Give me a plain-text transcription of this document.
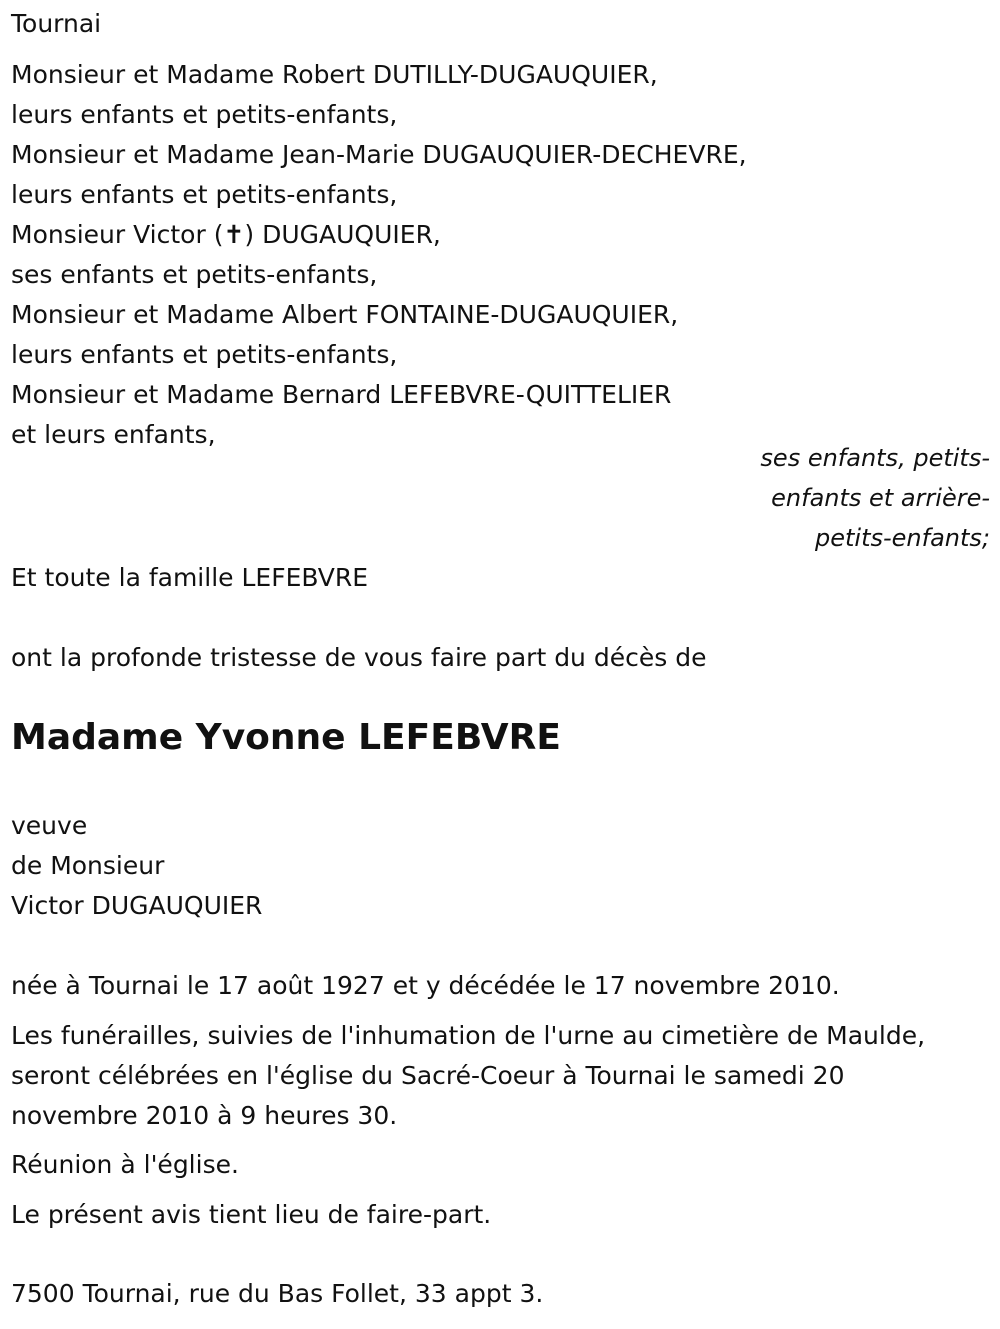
Tournai
Monsieur et Madame Robert DUTILLY-DUGAUQUIER,
leurs enfants et petits-enfants,
Monsieur et Madame Jean-Marie DUGAUQUIER-DECHEVRE,
leurs enfants et petits-enfants,
Monsieur Victor (✝) DUGAUQUIER,
ses enfants et petits-enfants,
Monsieur et Madame Albert FONTAINE-DUGAUQUIER,
leurs enfants et petits-enfants,
Monsieur et Madame Bernard LEFEBVRE-QUITTELIER
et leurs enfants,
ses enfants, petits-
enfants et arrière-
petits-enfants;
Et toute la famille LEFEBVRE
ont la profonde tristesse de vous faire part du décès de
Madame Yvonne LEFEBVRE
veuve
de Monsieur
Victor DUGAUQUIER
née à Tournai le 17 août 1927 et y décédée le 17 novembre 2010.
Les funérailles, suivies de l'inhumation de l'urne au cimetière de Maulde,
seront célébrées en l'église du Sacré-Coeur à Tournai le samedi 20
novembre 2010 à 9 heures 30.
Réunion à l'église.
Le présent avis tient lieu de faire-part.
7500 Tournai, rue du Bas Follet, 33 appt 3.
